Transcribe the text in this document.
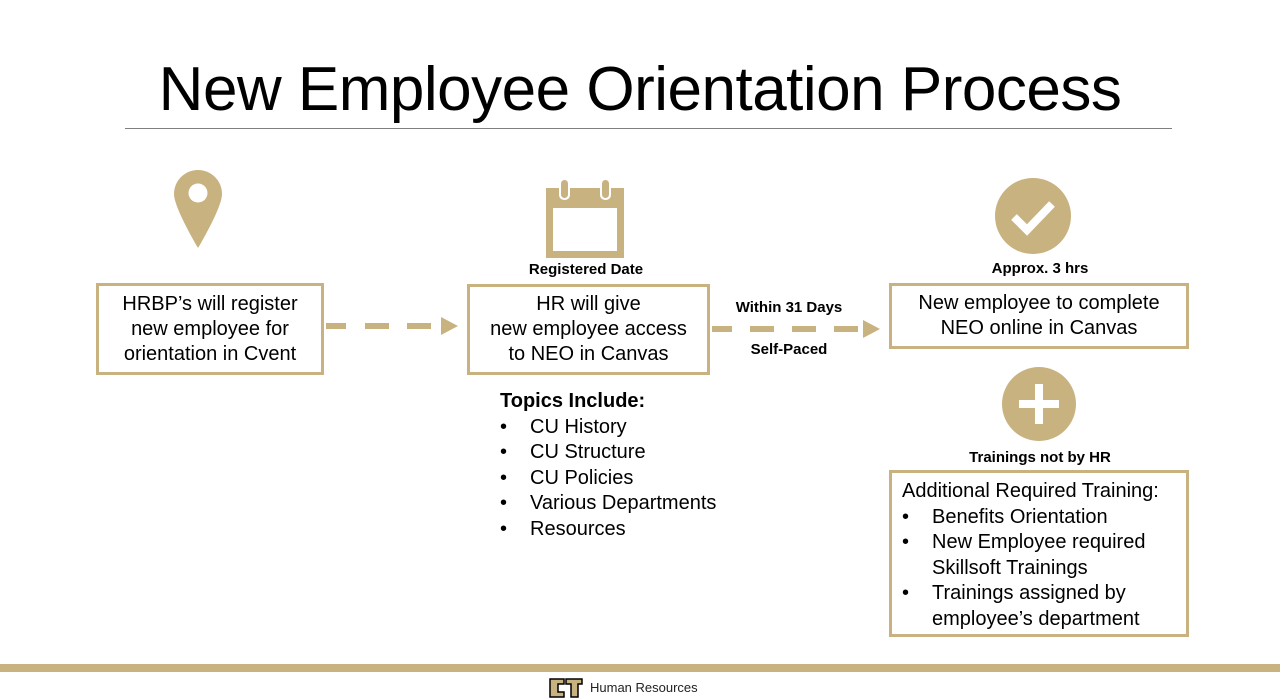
New Employee Orientation Process
HRBP’s will register
new employee for
orientation in Cvent
Registered Date
HR will give
new employee access
to NEO in Canvas
Within 31 Days
Self-Paced
Approx. 3 hrs
New employee to complete
NEO online in Canvas
Trainings not by HR
Additional Required Training:
•	Benefits Orientation
•	New Employee required
Skillsoft Trainings
•	Trainings assigned by
employee’s department
Topics Include:
•	CU History
•	CU Structure
•	CU Policies
•	Various Departments
•	Resources
Human Resources
